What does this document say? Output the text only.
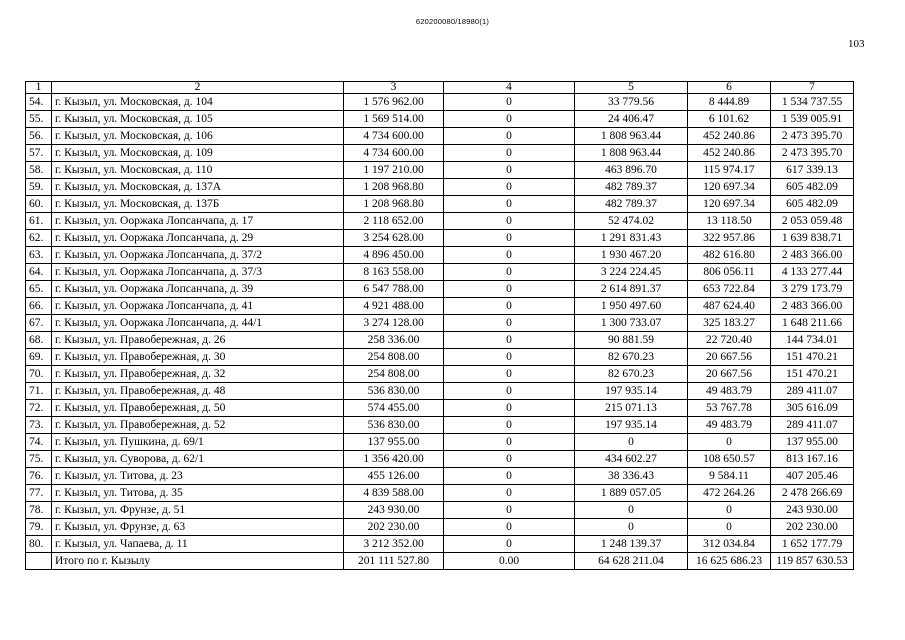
620200080/18980(1)
103
1	2	3	4	5	6	7
54.	г. Кызыл, ул. Московская, д. 104	1 576 962.00	0	33 779.56	8 444.89	1 534 737.55
55.	г. Кызыл, ул. Московская, д. 105	1 569 514.00	0	24 406.47	6 101.62	1 539 005.91
56.	г. Кызыл, ул. Московская, д. 106	4 734 600.00	0	1 808 963.44	452 240.86	2 473 395.70
57.	г. Кызыл, ул. Московская, д. 109	4 734 600.00	0	1 808 963.44	452 240.86	2 473 395.70
58.	г. Кызыл, ул. Московская, д. 110	1 197 210.00	0	463 896.70	115 974.17	617 339.13
59.	г. Кызыл, ул. Московская, д. 137А	1 208 968.80	0	482 789.37	120 697.34	605 482.09
60.	г. Кызыл, ул. Московская, д. 137Б	1 208 968.80	0	482 789.37	120 697.34	605 482.09
61.	г. Кызыл, ул. Ооржака Лопсанчапа, д. 17	2 118 652.00	0	52 474.02	13 118.50	2 053 059.48
62.	г. Кызыл, ул. Ооржака Лопсанчапа, д. 29	3 254 628.00	0	1 291 831.43	322 957.86	1 639 838.71
63.	г. Кызыл, ул. Ооржака Лопсанчапа, д. 37/2	4 896 450.00	0	1 930 467.20	482 616.80	2 483 366.00
64.	г. Кызыл, ул. Ооржака Лопсанчапа, д. 37/3	8 163 558.00	0	3 224 224.45	806 056.11	4 133 277.44
65.	г. Кызыл, ул. Ооржака Лопсанчапа, д. 39	6 547 788.00	0	2 614 891.37	653 722.84	3 279 173.79
66.	г. Кызыл, ул. Ооржака Лопсанчапа, д. 41	4 921 488.00	0	1 950 497.60	487 624.40	2 483 366.00
67.	г. Кызыл, ул. Ооржака Лопсанчапа, д. 44/1	3 274 128.00	0	1 300 733.07	325 183.27	1 648 211.66
68.	г. Кызыл, ул. Правобережная, д. 26	258 336.00	0	90 881.59	22 720.40	144 734.01
69.	г. Кызыл, ул. Правобережная, д. 30	254 808.00	0	82 670.23	20 667.56	151 470.21
70.	г. Кызыл, ул. Правобережная, д. 32	254 808.00	0	82 670.23	20 667.56	151 470.21
71.	г. Кызыл, ул. Правобережная, д. 48	536 830.00	0	197 935.14	49 483.79	289 411.07
72.	г. Кызыл, ул. Правобережная, д. 50	574 455.00	0	215 071.13	53 767.78	305 616.09
73.	г. Кызыл, ул. Правобережная, д. 52	536 830.00	0	197 935.14	49 483.79	289 411.07
74.	г. Кызыл, ул. Пушкина, д. 69/1	137 955.00	0	0	0	137 955.00
75.	г. Кызыл, ул. Суворова, д. 62/1	1 356 420.00	0	434 602.27	108 650.57	813 167.16
76.	г. Кызыл, ул. Титова, д. 23	455 126.00	0	38 336.43	9 584.11	407 205.46
77.	г. Кызыл, ул. Титова, д. 35	4 839 588.00	0	1 889 057.05	472 264.26	2 478 266.69
78.	г. Кызыл, ул. Фрунзе, д. 51	243 930.00	0	0	0	243 930.00
79.	г. Кызыл, ул. Фрунзе, д. 63	202 230.00	0	0	0	202 230.00
80.	г. Кызыл, ул. Чапаева, д. 11	3 212 352.00	0	1 248 139.37	312 034.84	1 652 177.79
	Итого по г. Кызылу	201 111 527.80	0.00	64 628 211.04	16 625 686.23	119 857 630.53
